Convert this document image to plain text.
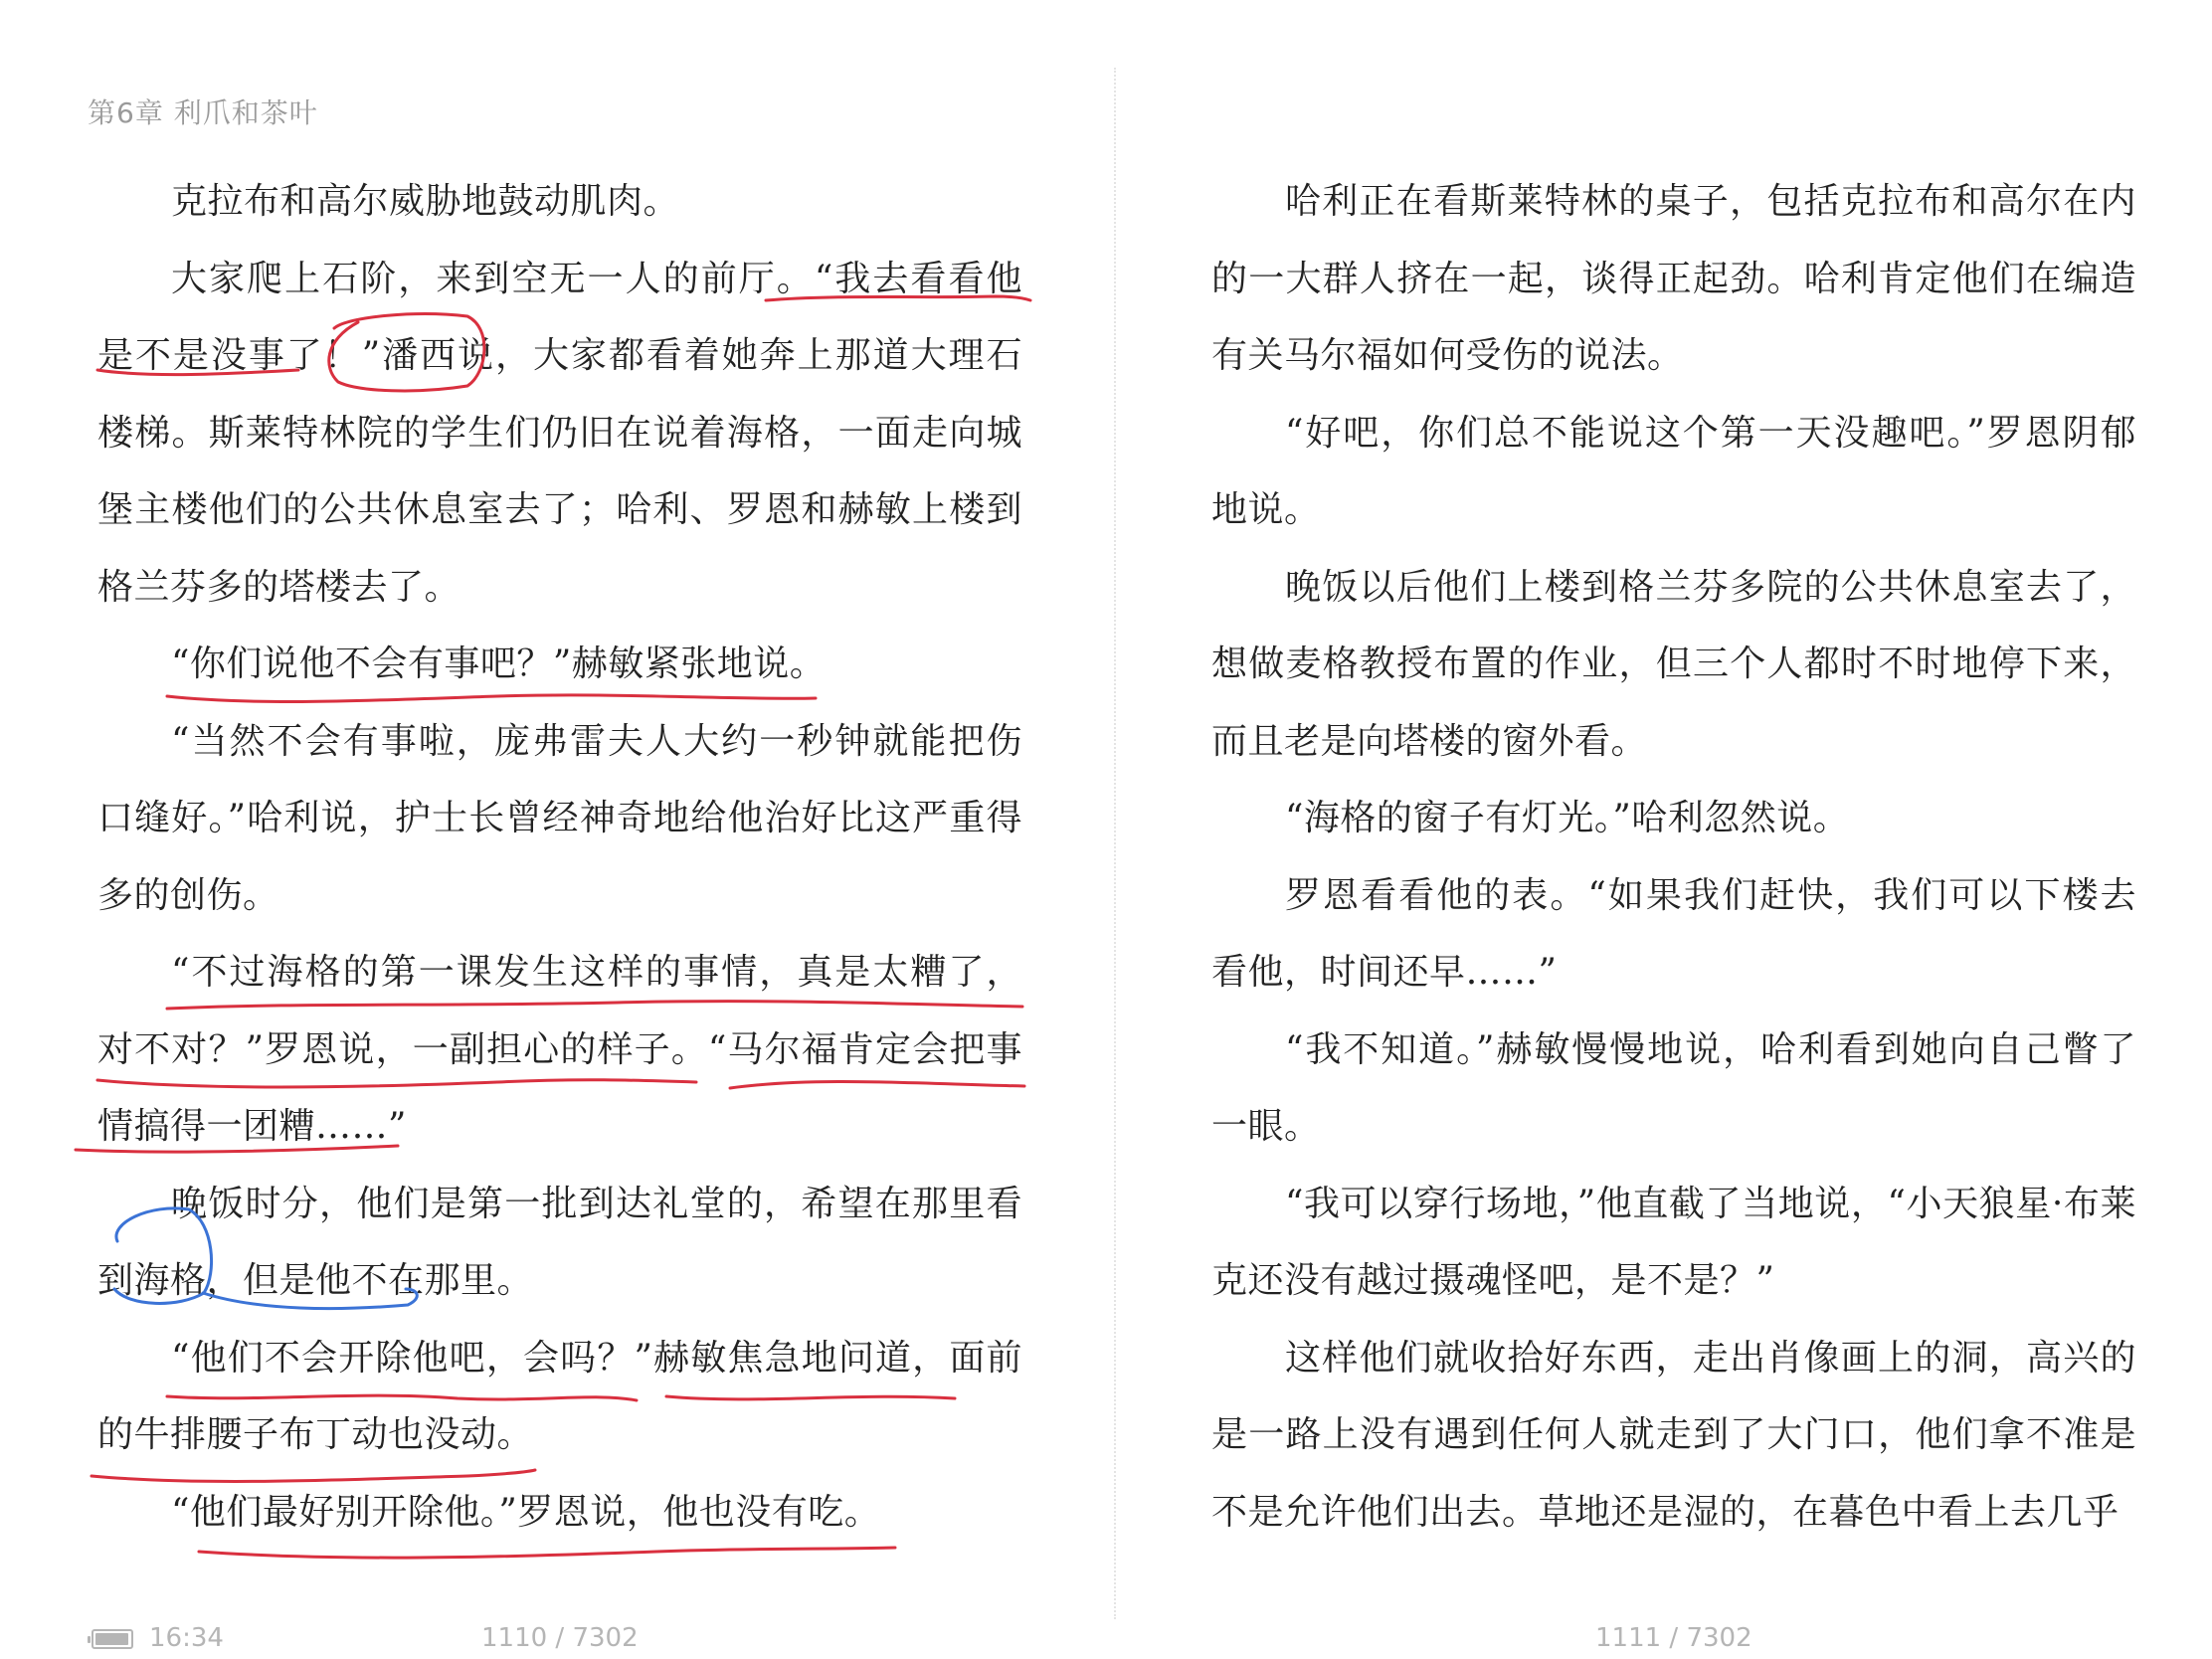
第6章 利爪和茶叶

克拉布和高尔威胁地鼓动肌肉。

大家爬上石阶，来到空无一人的前厅。“我去看看他是不是没事了！”潘西说，大家都看着她奔上那道大理石楼梯。斯莱特林院的学生们仍旧在说着海格，一面走向城堡主楼他们的公共休息室去了；哈利、罗恩和赫敏上楼到格兰芬多的塔楼去了。

“你们说他不会有事吧？”赫敏紧张地说。

“当然不会有事啦，庞弗雷夫人大约一秒钟就能把伤口缝好。”哈利说，护士长曾经神奇地给他治好比这严重得多的创伤。

“不过海格的第一课发生这样的事情，真是太糟了，对不对？”罗恩说，一副担心的样子。“马尔福肯定会把事情搞得一团糟……”

晚饭时分，他们是第一批到达礼堂的，希望在那里看到海格，但是他不在那里。

“他们不会开除他吧，会吗？”赫敏焦急地问道，面前的牛排腰子布丁动也没动。

“他们最好别开除他。”罗恩说，他也没有吃。

哈利正在看斯莱特林的桌子，包括克拉布和高尔在内的一大群人挤在一起，谈得正起劲。哈利肯定他们在编造有关马尔福如何受伤的说法。

“好吧，你们总不能说这个第一天没趣吧。”罗恩阴郁地说。

晚饭以后他们上楼到格兰芬多院的公共休息室去了，想做麦格教授布置的作业，但三个人都时不时地停下来，而且老是向塔楼的窗外看。

“海格的窗子有灯光。”哈利忽然说。

罗恩看看他的表。“如果我们赶快，我们可以下楼去看他，时间还早……”

“我不知道。”赫敏慢慢地说，哈利看到她向自己瞥了一眼。

“我可以穿行场地，”他直截了当地说，“小天狼星·布莱克还没有越过摄魂怪吧，是不是？”

这样他们就收拾好东西，走出肖像画上的洞，高兴的是一路上没有遇到任何人就走到了大门口，他们拿不准是不是允许他们出去。草地还是湿的，在暮色中看上去几乎

16:34	1110 / 7302	1111 / 7302
